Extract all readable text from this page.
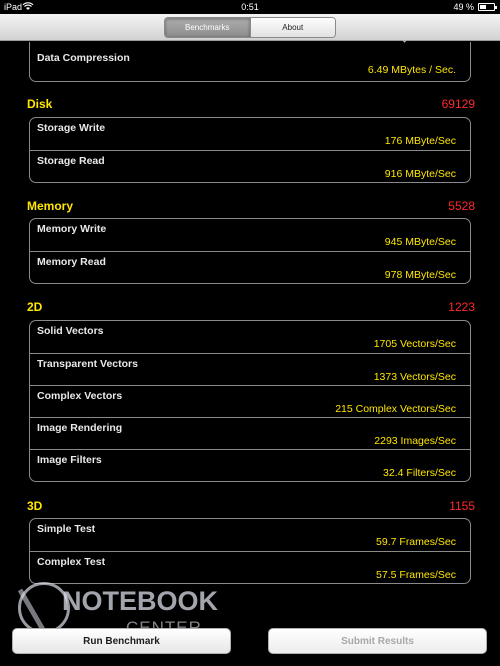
iPad	0:51	49 %
Benchmarks	About
Data Compression
6.49 MBytes / Sec.
Disk	69129
Storage Write
176 MByte/Sec
Storage Read
916 MByte/Sec
Memory	5528
Memory Write
945 MByte/Sec
Memory Read
978 MByte/Sec
2D	1223
Solid Vectors
1705 Vectors/Sec
Transparent Vectors
1373 Vectors/Sec
Complex Vectors
215 Complex Vectors/Sec
Image Rendering
2293 Images/Sec
Image Filters
32.4 Filters/Sec
3D	1155
Simple Test
59.7 Frames/Sec
Complex Test
57.5 Frames/Sec
NOTEBOOK
Run Benchmark	Submit Results
